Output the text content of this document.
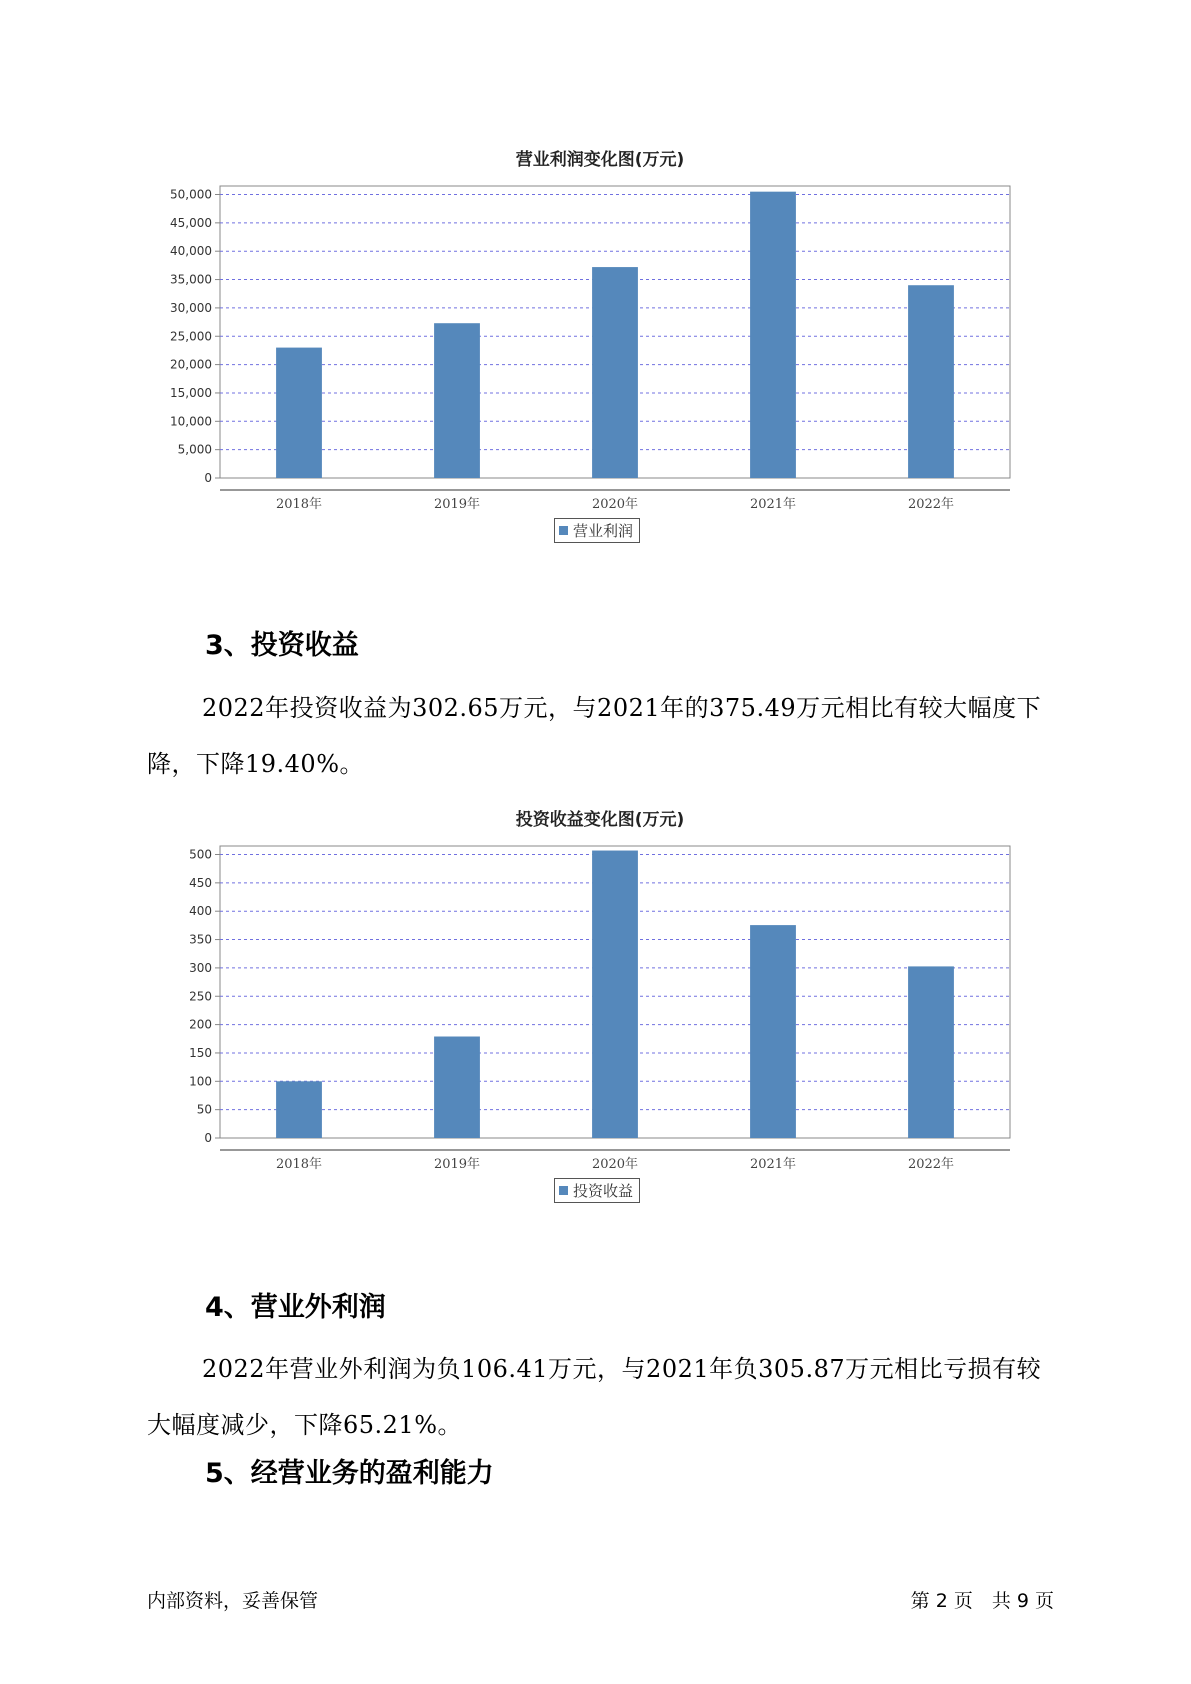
营业利润变化图(万元)
0
5,000
10,000
15,000
20,000
25,000
30,000
35,000
40,000
45,000
50,000
2018年	2019年	2020年	2021年	2022年
营业利润
3、投资收益
2022年投资收益为302.65万元，与2021年的375.49万元相比有较大幅度下降，下降19.40%。
投资收益变化图(万元)
0
50
100
150
200
250
300
350
400
450
500
2018年	2019年	2020年	2021年	2022年
投资收益
4、营业外利润
2022年营业外利润为负106.41万元，与2021年负305.87万元相比亏损有较大幅度减少，下降65.21%。
5、经营业务的盈利能力
内部资料，妥善保管	第 2 页　共 9 页
